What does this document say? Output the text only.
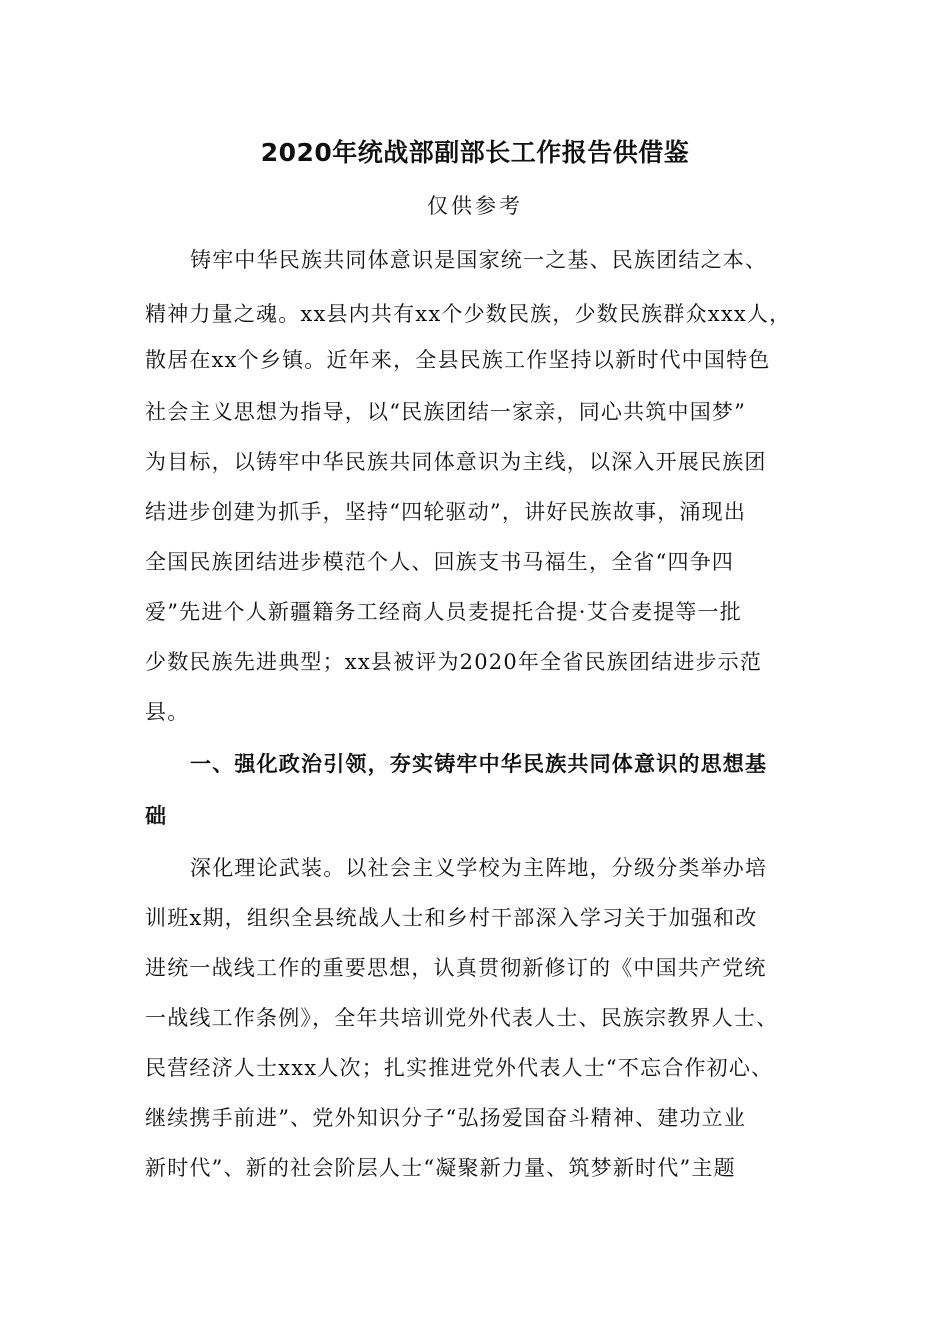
2020年统战部副部长工作报告供借鉴
仅供参考
铸牢中华民族共同体意识是国家统一之基、民族团结之本、
精神力量之魂。xx县内共有xx个少数民族，少数民族群众xxx人，
散居在xx个乡镇。近年来，全县民族工作坚持以新时代中国特色
社会主义思想为指导，以“民族团结一家亲，同心共筑中国梦”
为目标，以铸牢中华民族共同体意识为主线，以深入开展民族团
结进步创建为抓手，坚持“四轮驱动”，讲好民族故事，涌现出
全国民族团结进步模范个人、回族支书马福生，全省“四争四
爱”先进个人新疆籍务工经商人员麦提托合提·艾合麦提等一批
少数民族先进典型；xx县被评为2020年全省民族团结进步示范
县。
一、强化政治引领，夯实铸牢中华民族共同体意识的思想基
础
深化理论武装。以社会主义学校为主阵地，分级分类举办培
训班x期，组织全县统战人士和乡村干部深入学习关于加强和改
进统一战线工作的重要思想，认真贯彻新修订的《中国共产党统
一战线工作条例》，全年共培训党外代表人士、民族宗教界人士、
民营经济人士xxx人次；扎实推进党外代表人士“不忘合作初心、
继续携手前进”、党外知识分子“弘扬爱国奋斗精神、建功立业
新时代”、新的社会阶层人士“凝聚新力量、筑梦新时代”主题
